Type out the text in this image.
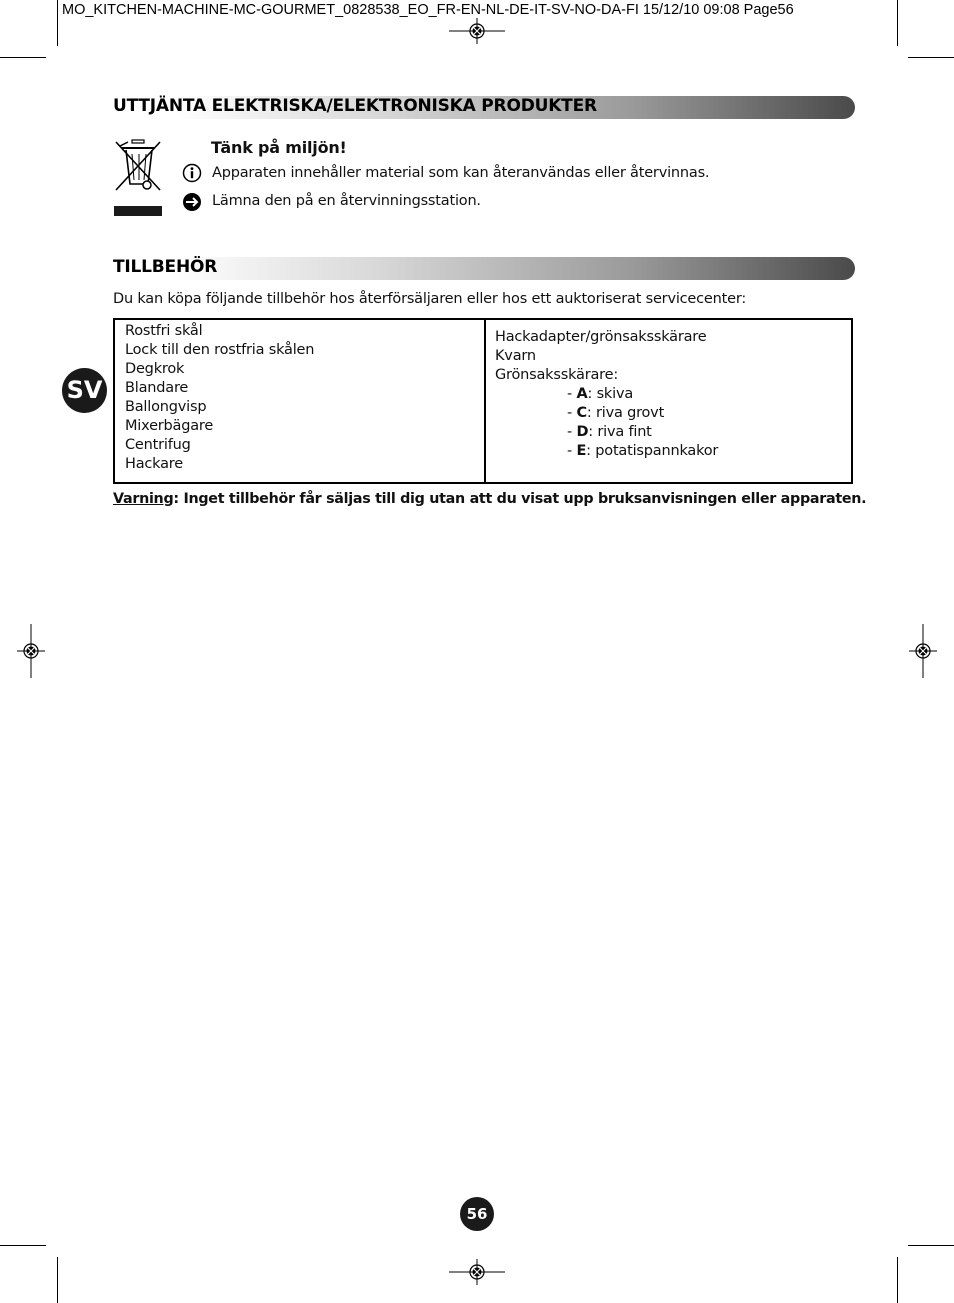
MO_KITCHEN-MACHINE-MC-GOURMET_0828538_EO_FR-EN-NL-DE-IT-SV-NO-DA-FI 15/12/10 09:08 Page56
UTTJÄNTA ELEKTRISKA/ELEKTRONISKA PRODUKTER
Tänk på miljön!
Apparaten innehåller material som kan återanvändas eller återvinnas.
Lämna den på en återvinningsstation.
TILLBEHÖR
Du kan köpa följande tillbehör hos återförsäljaren eller hos ett auktoriserat servicecenter:
SV
Rostfri skål
Lock till den rostfria skålen
Degkrok
Blandare
Ballongvisp
Mixerbägare
Centrifug
Hackare
Hackadapter/grönsaksskärare
Kvarn
Grönsaksskärare:
- A: skiva
- C: riva grovt
- D: riva fint
- E: potatispannkakor
Varning: Inget tillbehör får säljas till dig utan att du visat upp bruksanvisningen eller apparaten.
56
